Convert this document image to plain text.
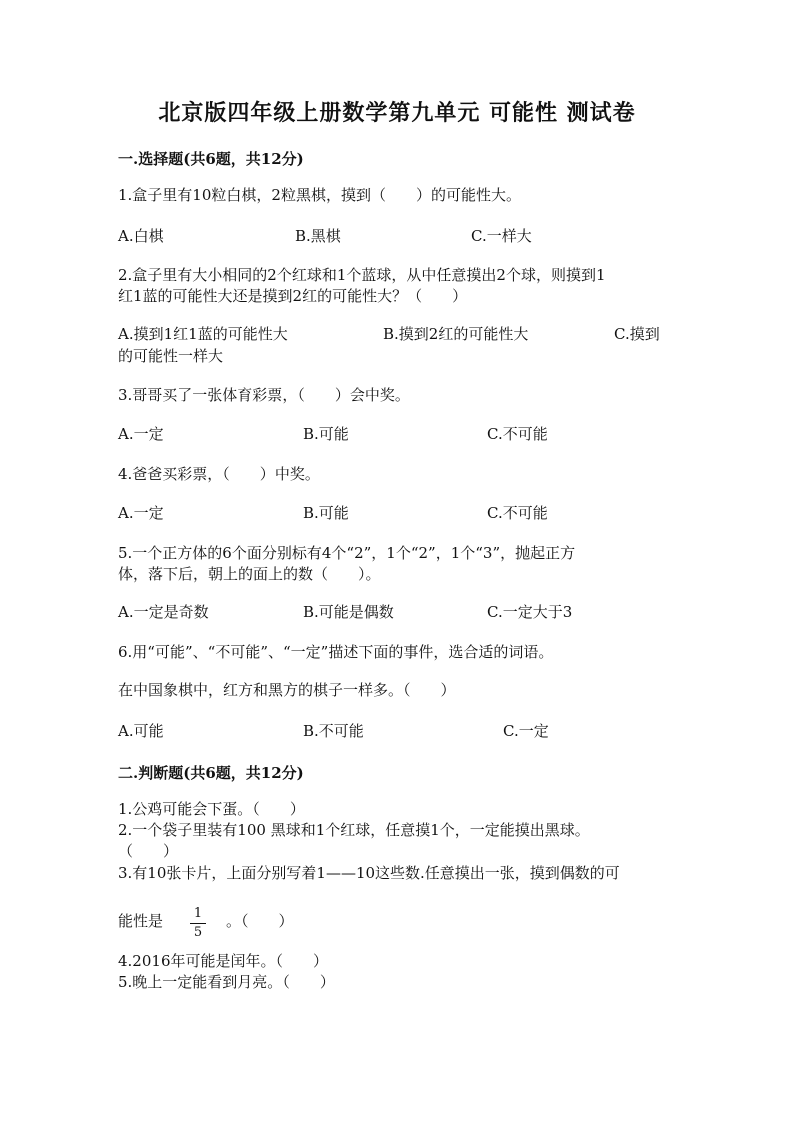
北京版四年级上册数学第九单元 可能性 测试卷
一.选择题(共6题，共12分)
1.盒子里有10粒白棋，2粒黑棋，摸到（　　）的可能性大。
A.白棋	B.黑棋	C.一样大
2.盒子里有大小相同的2个红球和1个蓝球，从中任意摸出2个球，则摸到1
红1蓝的可能性大还是摸到2红的可能性大？（　　）
A.摸到1红1蓝的可能性大	B.摸到2红的可能性大	C.摸到
的可能性一样大
3.哥哥买了一张体育彩票，（　　）会中奖。
A.一定	B.可能	C.不可能
4.爸爸买彩票，（　　）中奖。
A.一定	B.可能	C.不可能
5.一个正方体的6个面分别标有4个“2”，1个“2”，1个“3”，抛起正方
体，落下后，朝上的面上的数（　　）。
A.一定是奇数	B.可能是偶数	C.一定大于3
6.用“可能”、“不可能”、“一定”描述下面的事件，选合适的词语。
在中国象棋中，红方和黑方的棋子一样多。（　　）
A.可能	B.不可能	C.一定
二.判断题(共6题，共12分)
1.公鸡可能会下蛋。（　　）
2.一个袋子里装有100 黑球和1个红球，任意摸1个，一定能摸出黑球。
（　　）
3.有10张卡片，上面分别写着1——10这些数.任意摸出一张，摸到偶数的可
能性是 $\frac{1}{5}$ 。（　　）
4.2016年可能是闰年。（　　）
5.晚上一定能看到月亮。（　　）
